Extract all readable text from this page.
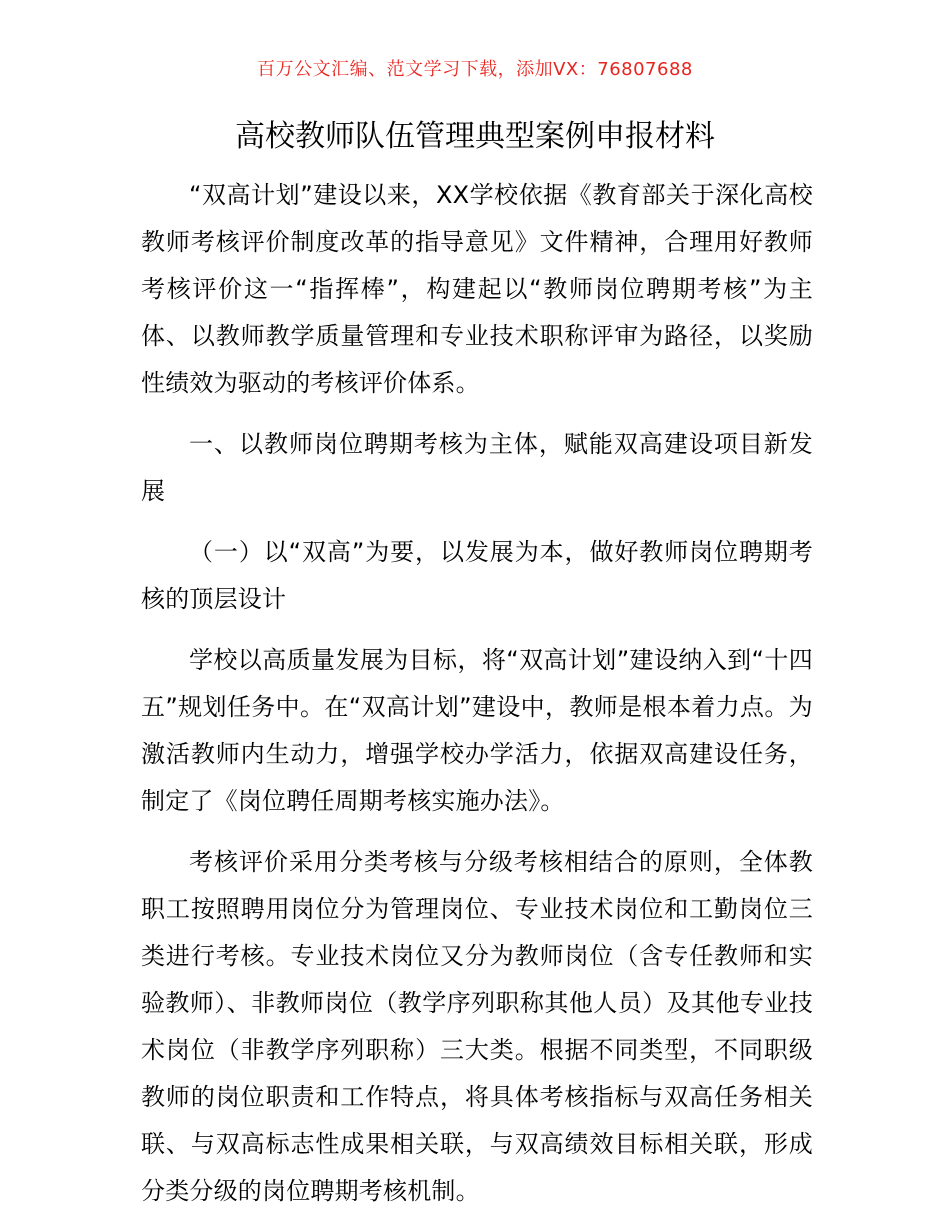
百万公文汇编、范文学习下载，添加VX：76807688
高校教师队伍管理典型案例申报材料

“双高计划”建设以来，XX学校依据《教育部关于深化高校教师考核评价制度改革的指导意见》文件精神，合理用好教师考核评价这一“指挥棒”，构建起以“教师岗位聘期考核”为主体、以教师教学质量管理和专业技术职称评审为路径，以奖励性绩效为驱动的考核评价体系。

一、以教师岗位聘期考核为主体，赋能双高建设项目新发展

（一）以“双高”为要，以发展为本，做好教师岗位聘期考核的顶层设计

学校以高质量发展为目标，将“双高计划”建设纳入到“十四五”规划任务中。在“双高计划”建设中，教师是根本着力点。为激活教师内生动力，增强学校办学活力，依据双高建设任务，制定了《岗位聘任周期考核实施办法》。

考核评价采用分类考核与分级考核相结合的原则，全体教职工按照聘用岗位分为管理岗位、专业技术岗位和工勤岗位三类进行考核。专业技术岗位又分为教师岗位（含专任教师和实验教师）、非教师岗位（教学序列职称其他人员）及其他专业技术岗位（非教学序列职称）三大类。根据不同类型，不同职级教师的岗位职责和工作特点，将具体考核指标与双高任务相关联、与双高标志性成果相关联，与双高绩效目标相关联，形成分类分级的岗位聘期考核机制。
